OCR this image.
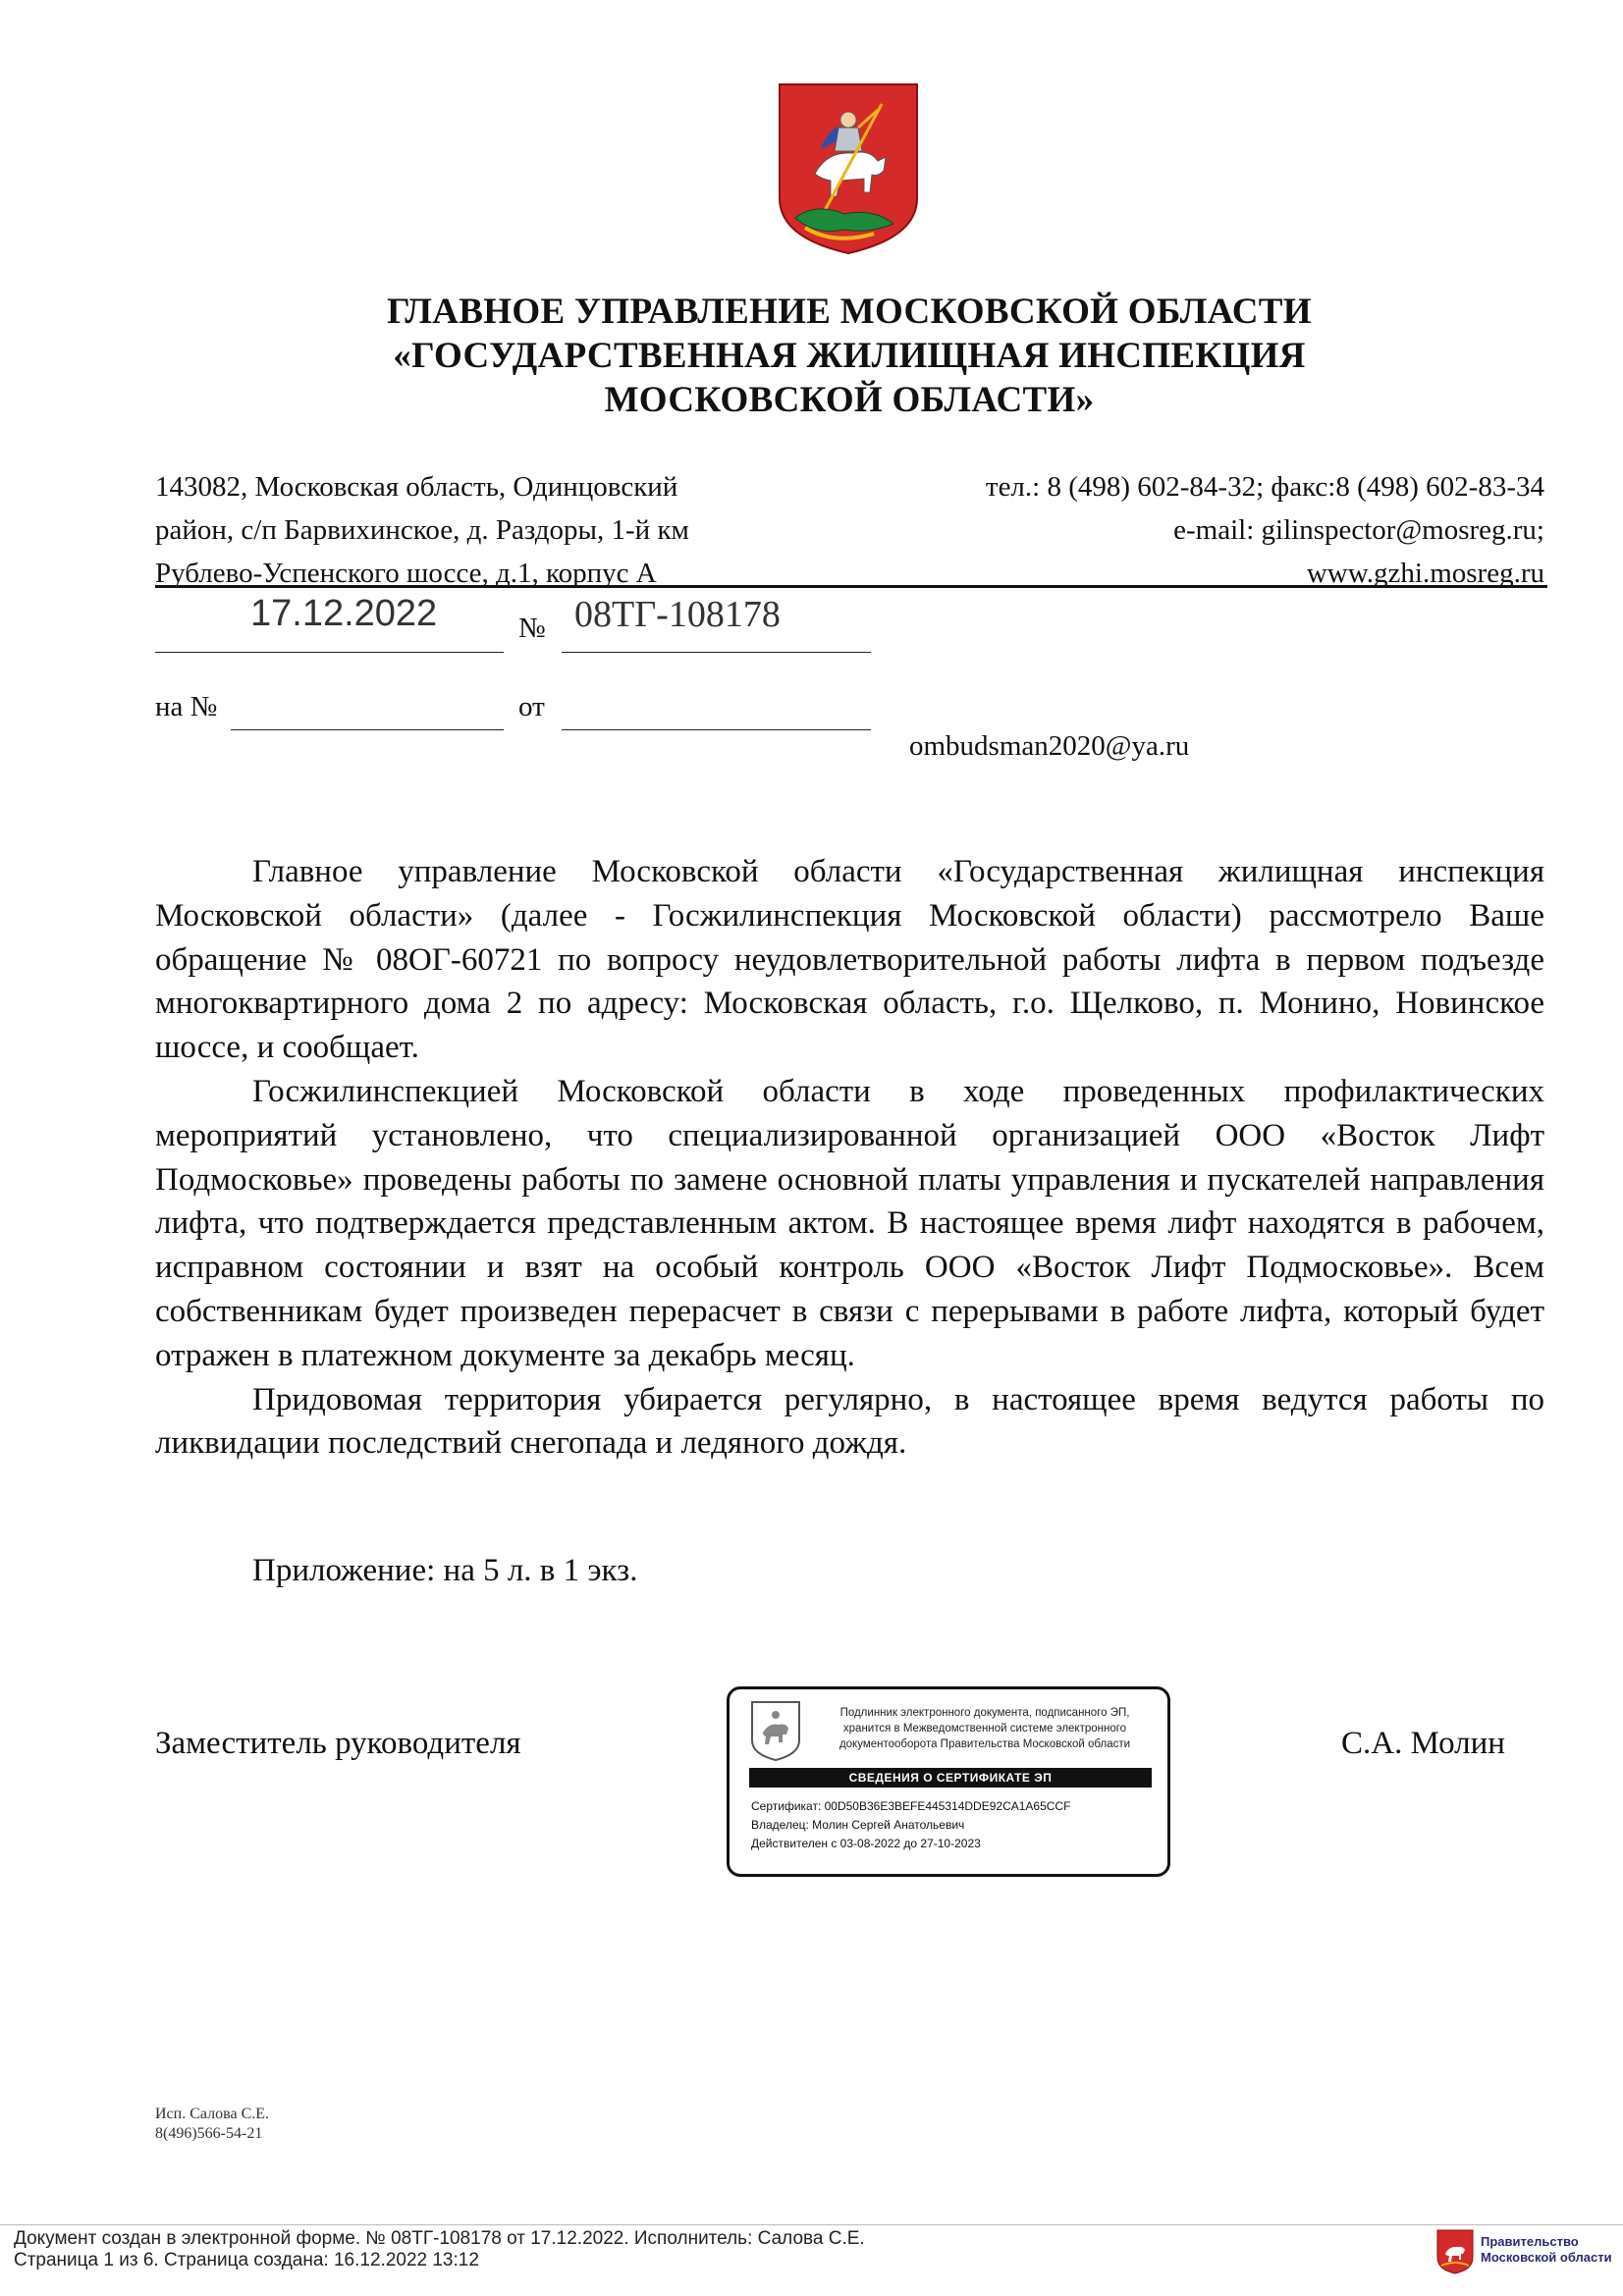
ГЛАВНОЕ УПРАВЛЕНИЕ МОСКОВСКОЙ ОБЛАСТИ
«ГОСУДАРСТВЕННАЯ ЖИЛИЩНАЯ ИНСПЕКЦИЯ
МОСКОВСКОЙ ОБЛАСТИ»
143082, Московская область, Одинцовский
район, с/п Барвихинское, д. Раздоры, 1-й км
Рублево-Успенского шоссе, д.1, корпус А
тел.: 8 (498) 602-84-32; факс:8 (498) 602-83-34
e-mail: gilinspector@mosreg.ru;
www.gzhi.mosreg.ru
17.12.2022	№ 08ТГ-108178
на №	от
ombudsman2020@ya.ru

Главное управление Московской области «Государственная жилищная инспекция Московской области» (далее - Госжилинспекция Московской области) рассмотрело Ваше обращение № 08ОГ-60721 по вопросу неудовлетворительной работы лифта в первом подъезде многоквартирного дома 2 по адресу: Московская область, г.о. Щелково, п. Монино, Новинское шоссе, и сообщает.

Госжилинспекцией Московской области в ходе проведенных профилактических мероприятий установлено, что специализированной организацией ООО «Восток Лифт Подмосковье» проведены работы по замене основной платы управления и пускателей направления лифта, что подтверждается представленным актом. В настоящее время лифт находятся в рабочем, исправном состоянии и взят на особый контроль ООО «Восток Лифт Подмосковье». Всем собственникам будет произведен перерасчет в связи с перерывами в работе лифта, который будет отражен в платежном документе за декабрь месяц.

Придовомая территория убирается регулярно, в настоящее время ведутся работы по ликвидации последствий снегопада и ледяного дождя.

Приложение: на 5 л. в 1 экз.
Заместитель руководителя	С.А. Молин
Подлинник электронного документа, подписанного ЭП,
хранится в Межведомственной системе электронного
документооборота Правительства Московской области
СВЕДЕНИЯ О СЕРТИФИКАТЕ ЭП
Сертификат: 00D50B36E3BEFE445314DDE92CA1A65CCF
Владелец: Молин Сергей Анатольевич
Действителен с 03-08-2022 до 27-10-2023
Исп. Салова С.Е.
8(496)566-54-21
Документ создан в электронной форме. № 08ТГ-108178 от 17.12.2022. Исполнитель: Салова С.Е.
Страница 1 из 6. Страница создана: 16.12.2022 13:12
Правительство
Московской области
